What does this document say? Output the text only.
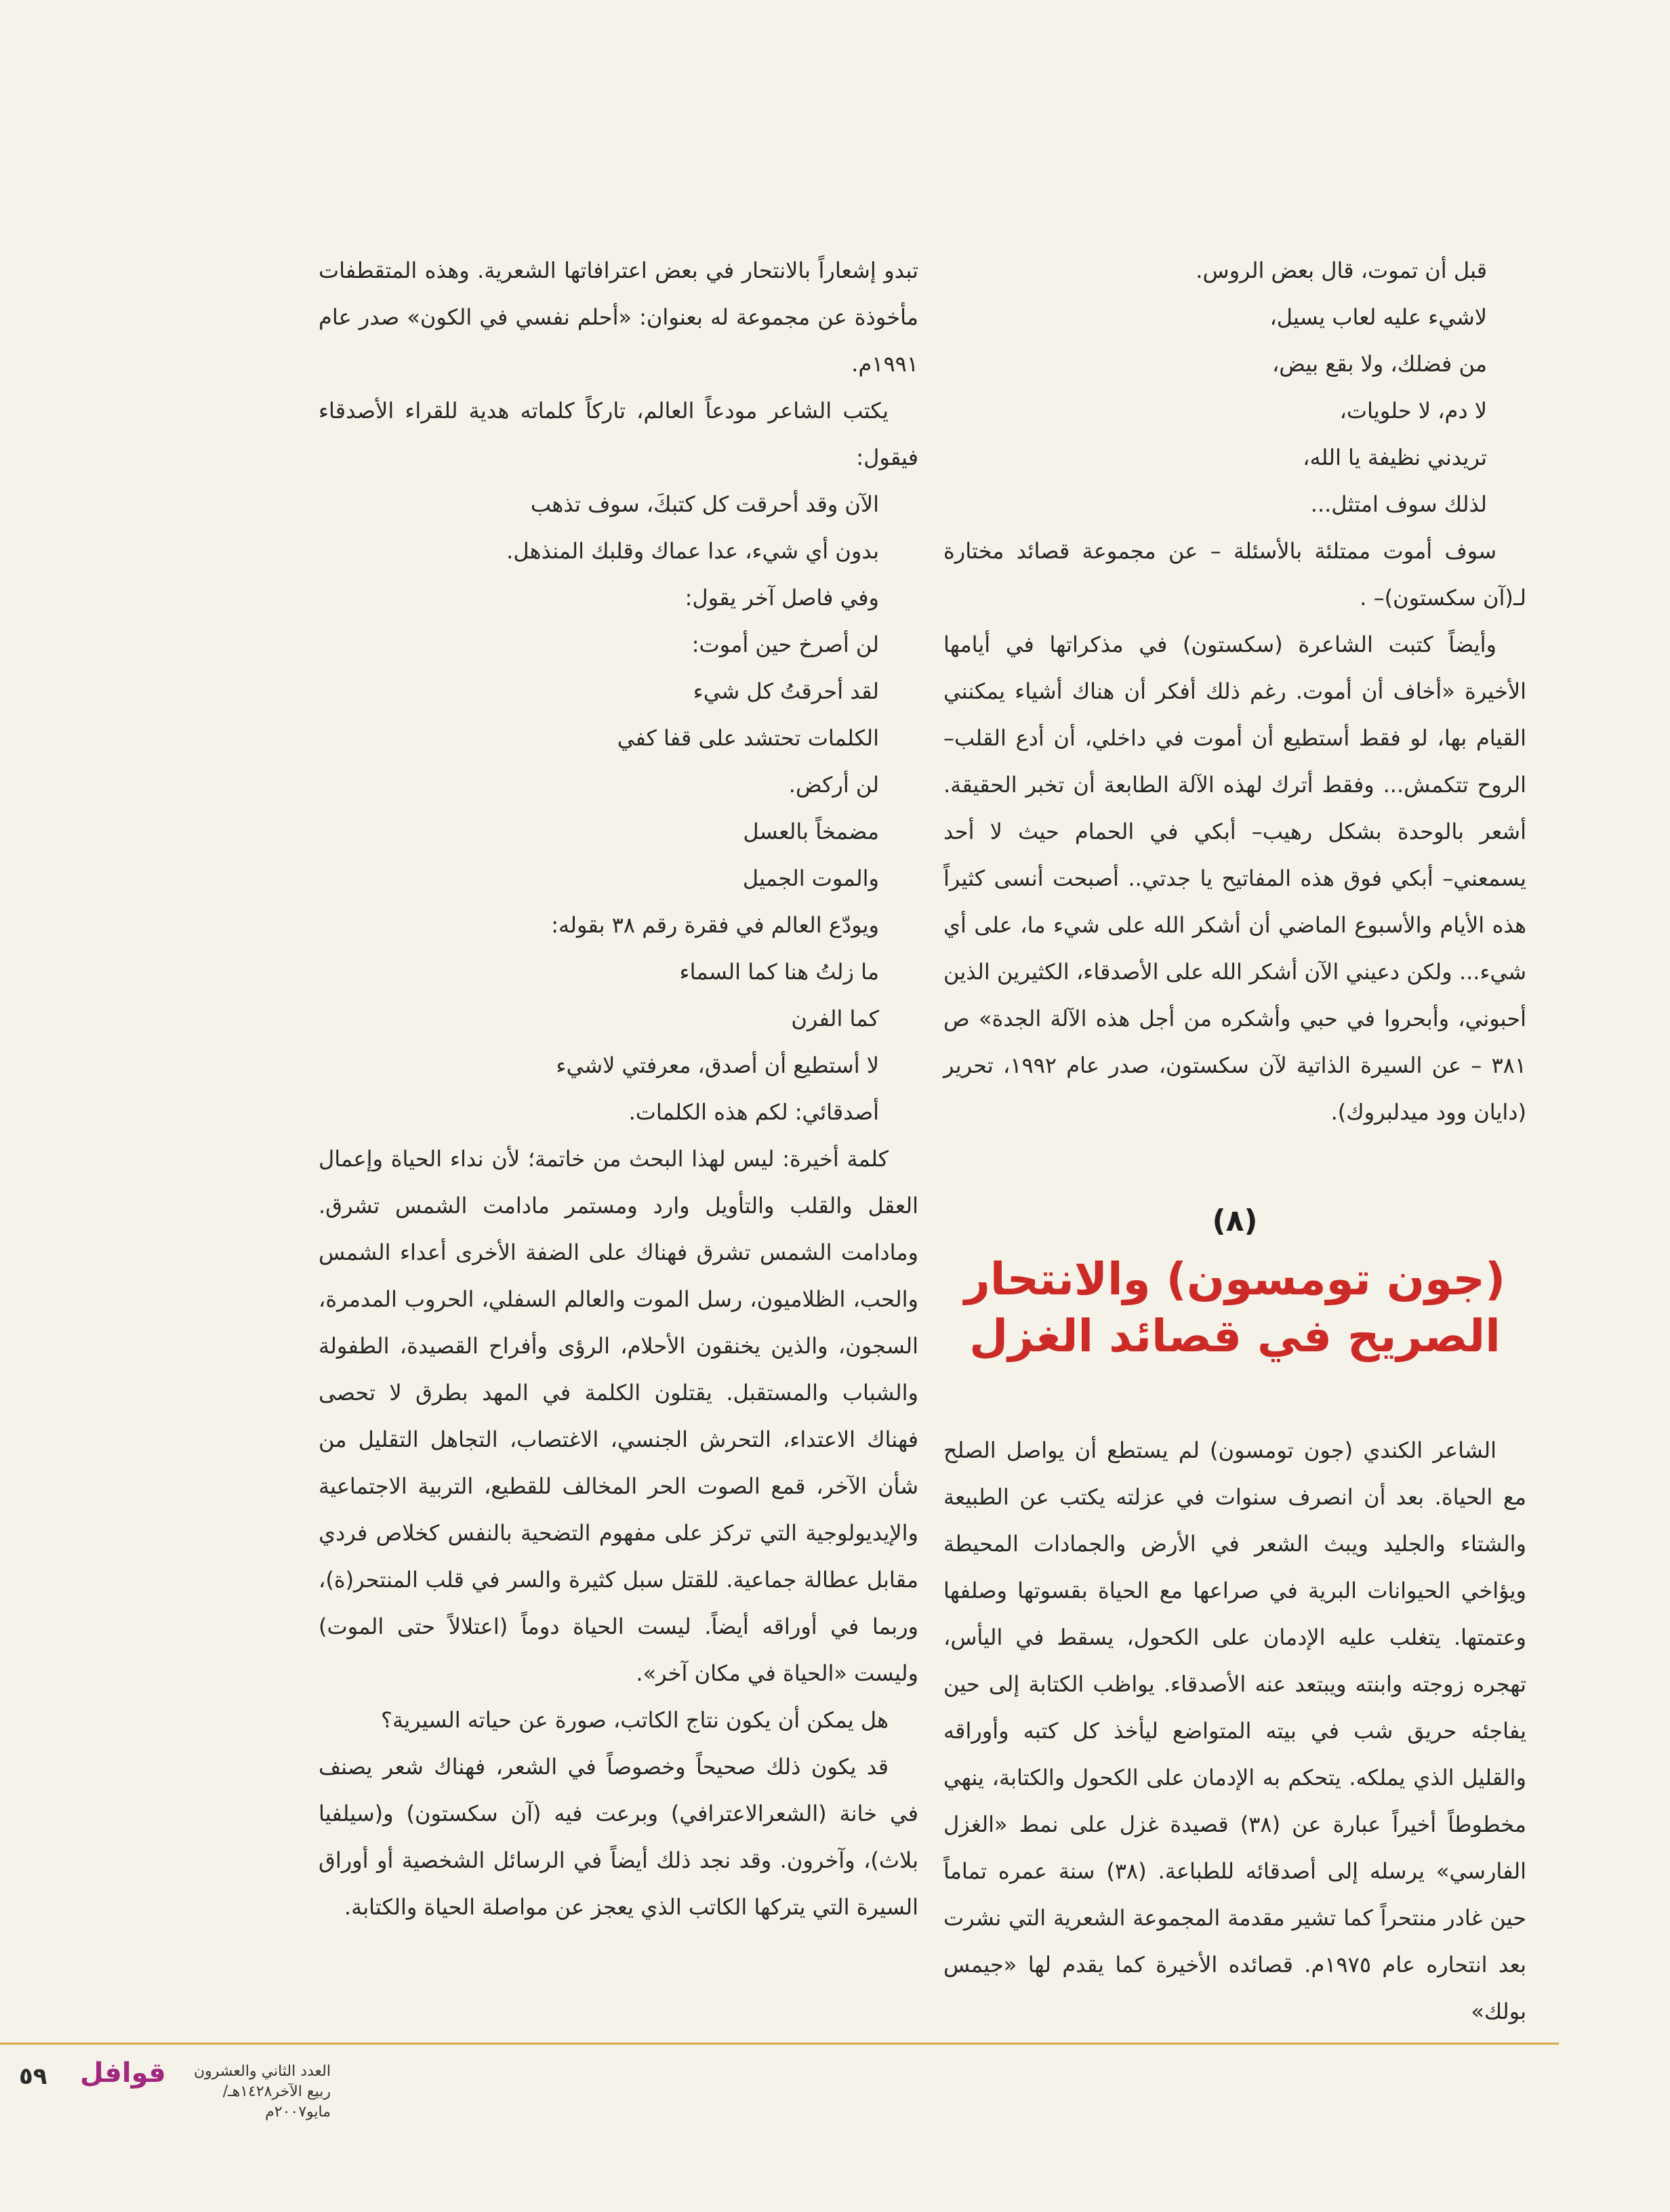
قبل أن تموت، قال بعض الروس.

لاشيء عليه لعاب يسيل،

من فضلك، ولا بقع بيض،

لا دم، لا حلويات،

تريدني نظيفة يا الله،

لذلك سوف امتثل...

سوف أموت ممتلئة بالأسئلة – عن مجموعة قصائد مختارة لـ(آن سكستون)– .

وأيضاً كتبت الشاعرة (سكستون) في مذكراتها في أيامها الأخيرة «أخاف أن أموت. رغم ذلك أفكر أن هناك أشياء يمكنني القيام بها، لو فقط أستطيع أن أموت في داخلي، أن أدع القلب– الروح تتكمش... وفقط أترك لهذه الآلة الطابعة أن تخبر الحقيقة. أشعر بالوحدة بشكل رهيب– أبكي في الحمام حيث لا أحد يسمعني– أبكي فوق هذه المفاتيح يا جدتي.. أصبحت أنسى كثيراً هذه الأيام والأسبوع الماضي أن أشكر الله على شيء ما، على أي شيء... ولكن دعيني الآن أشكر الله على الأصدقاء، الكثيرين الذين أحبوني، وأبحروا في حبي وأشكره من أجل هذه الآلة الجدة» ص ٣٨١ – عن السيرة الذاتية لآن سكستون، صدر عام ١٩٩٢، تحرير (دايان وود ميدلبروك).

(٨)
(جون تومسون) والانتحار
الصريح في قصائد الغزل

الشاعر الكندي (جون تومسون) لم يستطع أن يواصل الصلح مع الحياة. بعد أن انصرف سنوات في عزلته يكتب عن الطبيعة والشتاء والجليد ويبث الشعر في الأرض والجمادات المحيطة ويؤاخي الحيوانات البرية في صراعها مع الحياة بقسوتها وصلفها وعتمتها. يتغلب عليه الإدمان على الكحول، يسقط في اليأس، تهجره زوجته وابنته ويبتعد عنه الأصدقاء. يواظب الكتابة إلى حين يفاجئه حريق شب في بيته المتواضع ليأخذ كل كتبه وأوراقه والقليل الذي يملكه. يتحكم به الإدمان على الكحول والكتابة، ينهي مخطوطاً أخيراً عبارة عن (٣٨) قصيدة غزل على نمط «الغزل الفارسي» يرسله إلى أصدقائه للطباعة. (٣٨) سنة عمره تماماً حين غادر منتحراً كما تشير مقدمة المجموعة الشعرية التي نشرت بعد انتحاره عام ١٩٧٥م. قصائده الأخيرة كما يقدم لها «جيمس بولك»

تبدو إشعاراً بالانتحار في بعض اعترافاتها الشعرية. وهذه المتقطفات مأخوذة عن مجموعة له بعنوان: «أحلم نفسي في الكون» صدر عام ١٩٩١م.

يكتب الشاعر مودعاً العالم، تاركاً كلماته هدية للقراء الأصدقاء فيقول:

الآن وقد أحرقت كل كتبكَ، سوف تذهب

بدون أي شيء، عدا عماك وقلبك المنذهل.

وفي فاصل آخر يقول:

لن أصرخ حين أموت:

لقد أحرقتُ كل شيء

الكلمات تحتشد على قفا كفي

لن أركض.

مضمخاً بالعسل

والموت الجميل

ويودّع العالم في فقرة رقم ٣٨ بقوله:

ما زلتُ هنا كما السماء

كما الفرن

لا أستطيع أن أصدق، معرفتي لاشيء

أصدقائي: لكم هذه الكلمات.

كلمة أخيرة: ليس لهذا البحث من خاتمة؛ لأن نداء الحياة وإعمال العقل والقلب والتأويل وارد ومستمر مادامت الشمس تشرق. ومادامت الشمس تشرق فهناك على الضفة الأخرى أعداء الشمس والحب، الظلاميون، رسل الموت والعالم السفلي، الحروب المدمرة، السجون، والذين يخنقون الأحلام، الرؤى وأفراح القصيدة، الطفولة والشباب والمستقبل. يقتلون الكلمة في المهد بطرق لا تحصى فهناك الاعتداء، التحرش الجنسي، الاغتصاب، التجاهل التقليل من شأن الآخر، قمع الصوت الحر المخالف للقطيع، التربية الاجتماعية والإيديولوجية التي تركز على مفهوم التضحية بالنفس كخلاص فردي مقابل عطالة جماعية. للقتل سبل كثيرة والسر في قلب المنتحر(ة)، وربما في أوراقه أيضاً. ليست الحياة دوماً (اعتلالاً حتى الموت) وليست «الحياة في مكان آخر».

هل يمكن أن يكون نتاج الكاتب، صورة عن حياته السيرية؟

قد يكون ذلك صحيحاً وخصوصاً في الشعر، فهناك شعر يصنف في خانة (الشعرالاعترافي) وبرعت فيه (آن سكستون) و(سيلفيا بلاث)، وآخرون. وقد نجد ذلك أيضاً في الرسائل الشخصية أو أوراق السيرة التي يتركها الكاتب الذي يعجز عن مواصلة الحياة والكتابة.

٥٩ قوافل	العدد الثاني والعشرون
ربيع الآخر١٤٢٨هـ/مايو٢٠٠٧م
